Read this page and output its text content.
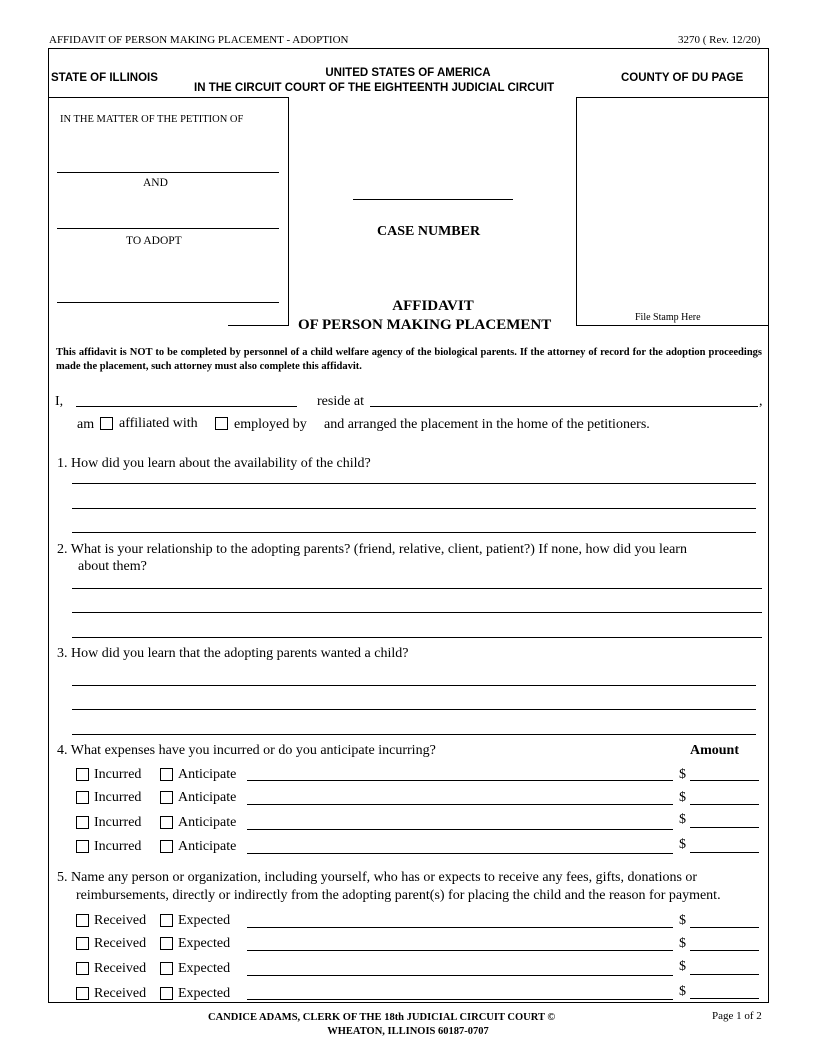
AFFIDAVIT OF PERSON MAKING PLACEMENT - ADOPTION	3270 ( Rev. 12/20)
STATE OF ILLINOIS	UNITED STATES OF AMERICA
IN THE CIRCUIT COURT OF THE EIGHTEENTH JUDICIAL CIRCUIT
COUNTY OF DU PAGE
IN THE MATTER OF THE PETITION OF
AND
TO ADOPT
CASE NUMBER
AFFIDAVIT
OF PERSON MAKING PLACEMENT	File Stamp Here
This affidavit is NOT to be completed by personnel of a child welfare agency of the biological parents. If the attorney of record for the adoption proceedings made the placement, such attorney must also complete this affidavit.
I,	reside at	,
am affiliated with	employed by and arranged the placement in the home of the petitioners.
1. How did you learn about the availability of the child?
2. What is your relationship to the adopting parents? (friend, relative, client, patient?) If none, how did you learn
about them?
3. How did you learn that the adopting parents wanted a child?
4. What expenses have you incurred or do you anticipate incurring?	Amount
Incurred	Anticipate	$
Incurred	Anticipate	$
Incurred	Anticipate	$
Incurred	Anticipate	$
5. Name any person or organization, including yourself, who has or expects to receive any fees, gifts, donations or
reimbursements, directly or indirectly from the adopting parent(s) for placing the child and the reason for payment.
Received Expected	$
Received Expected	$
Received Expected	$
Received Expected	$
CANDICE ADAMS, CLERK OF THE 18th JUDICIAL CIRCUIT COURT ©
WHEATON, ILLINOIS 60187-0707
Page 1 of 2
